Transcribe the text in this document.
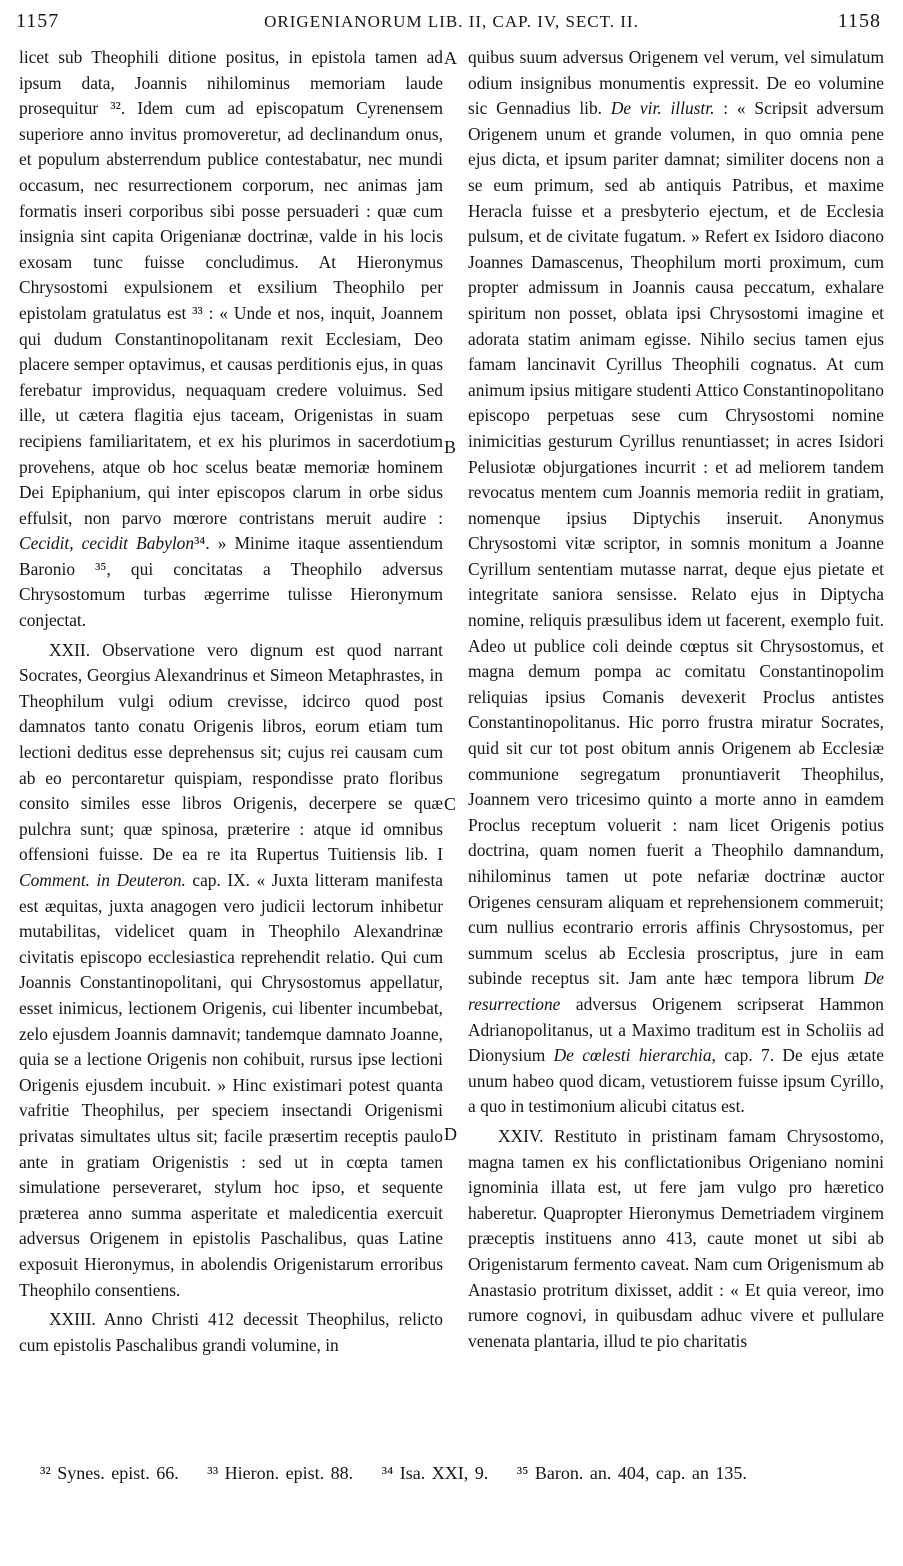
1157	ORIGENIANORUM LIB. II, CAP. IV, SECT. II.	1158
A
B
C
D

licet sub Theophili ditione positus, in epistola tamen ad ipsum data, Joannis nihilominus memoriam laude prosequitur ³². Idem cum ad episcopatum Cyrenensem superiore anno invitus promoveretur, ad declinandum onus, et populum absterrendum publice contestabatur, nec mundi occasum, nec resurrectionem corporum, nec animas jam formatis inseri corporibus sibi posse persuaderi : quæ cum insignia sint capita Origenianæ doctrinæ, valde in his locis exosam tunc fuisse concludimus. At Hieronymus Chrysostomi expulsionem et exsilium Theophilo per epistolam gratulatus est ³³ : « Unde et nos, inquit, Joannem qui dudum Constantinopolitanam rexit Ecclesiam, Deo placere semper optavimus, et causas perditionis ejus, in quas ferebatur improvidus, nequaquam credere voluimus. Sed ille, ut cætera flagitia ejus taceam, Origenistas in suam recipiens familiaritatem, et ex his plurimos in sacerdotium provehens, atque ob hoc scelus beatæ memoriæ hominem Dei Epiphanium, qui inter episcopos clarum in orbe sidus effulsit, non parvo mœrore contristans meruit audire : Cecidit, cecidit Babylon³⁴. » Minime itaque assentiendum Baronio ³⁵, qui concitatas a Theophilo adversus Chrysostomum turbas ægerrime tulisse Hieronymum conjectat.

XXII. Observatione vero dignum est quod narrant Socrates, Georgius Alexandrinus et Simeon Metaphrastes, in Theophilum vulgi odium crevisse, idcirco quod post damnatos tanto conatu Origenis libros, eorum etiam tum lectioni deditus esse deprehensus sit; cujus rei causam cum ab eo percontaretur quispiam, respondisse prato floribus consito similes esse libros Origenis, decerpere se quæ pulchra sunt; quæ spinosa, præterire : atque id omnibus offensioni fuisse. De ea re ita Rupertus Tuitiensis lib. I Comment. in Deuteron. cap. IX. « Juxta litteram manifesta est æquitas, juxta anagogen vero judicii lectorum inhibetur mutabilitas, videlicet quam in Theophilo Alexandrinæ civitatis episcopo ecclesiastica reprehendit relatio. Qui cum Joannis Constantinopolitani, qui Chrysostomus appellatur, esset inimicus, lectionem Origenis, cui libenter incumbebat, zelo ejusdem Joannis damnavit; tandemque damnato Joanne, quia se a lectione Origenis non cohibuit, rursus ipse lectioni Origenis ejusdem incubuit. » Hinc existimari potest quanta vafritie Theophilus, per speciem insectandi Origenismi privatas simultates ultus sit; facile præsertim receptis paulo ante in gratiam Origenistis : sed ut in cœpta tamen simulatione perseveraret, stylum hoc ipso, et sequente præterea anno summa asperitate et maledicentia exercuit adversus Origenem in epistolis Paschalibus, quas Latine exposuit Hieronymus, in abolendis Origenistarum erroribus Theophilo consentiens.

XXIII. Anno Christi 412 decessit Theophilus, relicto cum epistolis Paschalibus grandi volumine, in

quibus suum adversus Origenem vel verum, vel simulatum odium insignibus monumentis expressit. De eo volumine sic Gennadius lib. De vir. illustr. : « Scripsit adversum Origenem unum et grande volumen, in quo omnia pene ejus dicta, et ipsum pariter damnat; similiter docens non a se eum primum, sed ab antiquis Patribus, et maxime Heracla fuisse et a presbyterio ejectum, et de Ecclesia pulsum, et de civitate fugatum. » Refert ex Isidoro diacono Joannes Damascenus, Theophilum morti proximum, cum propter admissum in Joannis causa peccatum, exhalare spiritum non posset, oblata ipsi Chrysostomi imagine et adorata statim animam egisse. Nihilo secius tamen ejus famam lancinavit Cyrillus Theophili cognatus. At cum animum ipsius mitigare studenti Attico Constantinopolitano episcopo perpetuas sese cum Chrysostomi nomine inimicitias gesturum Cyrillus renuntiasset; in acres Isidori Pelusiotæ objurgationes incurrit : et ad meliorem tandem revocatus mentem cum Joannis memoria rediit in gratiam, nomenque ipsius Diptychis inseruit. Anonymus Chrysostomi vitæ scriptor, in somnis monitum a Joanne Cyrillum sententiam mutasse narrat, deque ejus pietate et integritate saniora sensisse. Relato ejus in Diptycha nomine, reliquis præsulibus idem ut facerent, exemplo fuit. Adeo ut publice coli deinde cœptus sit Chrysostomus, et magna demum pompa ac comitatu Constantinopolim reliquias ipsius Comanis devexerit Proclus antistes Constantinopolitanus. Hic porro frustra miratur Socrates, quid sit cur tot post obitum annis Origenem ab Ecclesiæ communione segregatum pronuntiaverit Theophilus, Joannem vero tricesimo quinto a morte anno in eamdem Proclus receptum voluerit : nam licet Origenis potius doctrina, quam nomen fuerit a Theophilo damnandum, nihilominus tamen ut pote nefariæ doctrinæ auctor Origenes censuram aliquam et reprehensionem commeruit; cum nullius econtrario erroris affinis Chrysostomus, per summum scelus ab Ecclesia proscriptus, jure in eam subinde receptus sit. Jam ante hæc tempora librum De resurrectione adversus Origenem scripserat Hammon Adrianopolitanus, ut a Maximo traditum est in Scholiis ad Dionysium De cœlesti hierarchia, cap. 7. De ejus ætate unum habeo quod dicam, vetustiorem fuisse ipsum Cyrillo, a quo in testimonium alicubi citatus est.

XXIV. Restituto in pristinam famam Chrysostomo, magna tamen ex his conflictationibus Origeniano nomini ignominia illata est, ut fere jam vulgo pro hæretico haberetur. Quapropter Hieronymus Demetriadem virginem præceptis instituens anno 413, caute monet ut sibi ab Origenistarum fermento caveat. Nam cum Origenismum ab Anastasio protritum dixisset, addit : « Et quia vereor, imo rumore cognovi, in quibusdam adhuc vivere et pullulare venenata plantaria, illud te pio charitatis

³² Synes. epist. 66. ³³ Hieron. epist. 88. ³⁴ Isa. XXI, 9. ³⁵ Baron. an. 404, cap. an 135.
